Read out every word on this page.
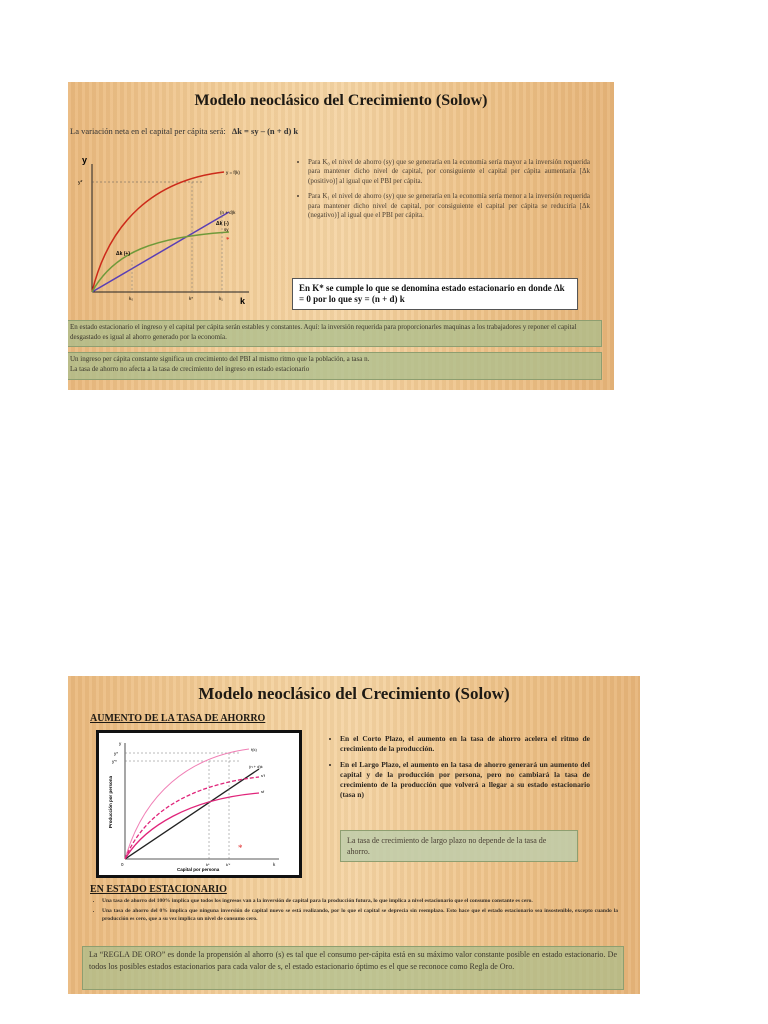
Modelo neoclásico del Crecimiento (Solow)
La variación neta en el capital per cápita será: Δk = sy – (n + d) k
y
k
y*
y = f(k)
(n + d)k
sy
Δk (-)
Δk (+)
k₀	k*	k₁
*
• Para K₀ el nivel de ahorro (sy) que se generaría en la economía sería mayor a la inversión requerida para mantener dicho nivel de capital, por consiguiente el capital per cápita aumentaría [Δk (positivo)] al igual que el PBI per cápita.
• Para K₁ el nivel de ahorro (sy) que se generaría en la economía sería menor a la inversión requerida para mantener dicho nivel de capital, por consiguiente el capital per cápita se reduciría [Δk (negativo)] al igual que el PBI per cápita.
En K* se cumple lo que se denomina estado estacionario en donde Δk = 0 por lo que sy = (n + d) k
En estado estacionario el ingreso y el capital per cápita serán estables y constantes. Aquí: la inversión requerida para proporcionarles maquinas a los trabajadores y reponer el capital desgastado es igual al ahorro generado por la economía.
Un ingreso per cápita constante significa un crecimiento del PBI al mismo ritmo que la población, a tasa n.
La tasa de ahorro no afecta a la tasa de crecimiento del ingreso en estado estacionario
Modelo neoclásico del Crecimiento (Solow)
AUMENTO DE LA TASA DE AHORRO
y
Producción por persona
Capital por persona
y*
y'*
f(k)
(n + d)k
s'f
sf
0	k*	k'*	k
*
• En el Corto Plazo, el aumento en la tasa de ahorro acelera el ritmo de crecimiento de la producción.
• En el Largo Plazo, el aumento en la tasa de ahorro generará un aumento del capital y de la producción por persona, pero no cambiará la tasa de crecimiento de la producción que volverá a llegar a su estado estacionario (tasa n)
La tasa de crecimiento de largo plazo no depende de la tasa de ahorro.
EN ESTADO ESTACIONARIO
• Una tasa de ahorro del 100% implica que todos los ingresos van a la inversión de capital para la producción futura, lo que implica a nivel estacionario que el consumo constante es cero.
• Una tasa de ahorro del 0% implica que ninguna inversión de capital nuevo se está realizando, por lo que el capital se deprecia sin reemplazo. Esto hace que el estado estacionario sea insostenible, excepto cuando la producción es cero, que a su vez implica un nivel de consumo cero.
La “REGLA DE ORO” es donde la propensión al ahorro (s) es tal que el consumo per-cápita está en su máximo valor constante posible en estado estacionario. De todos los posibles estados estacionarios para cada valor de s, el estado estacionario óptimo es el que se reconoce como Regla de Oro.
